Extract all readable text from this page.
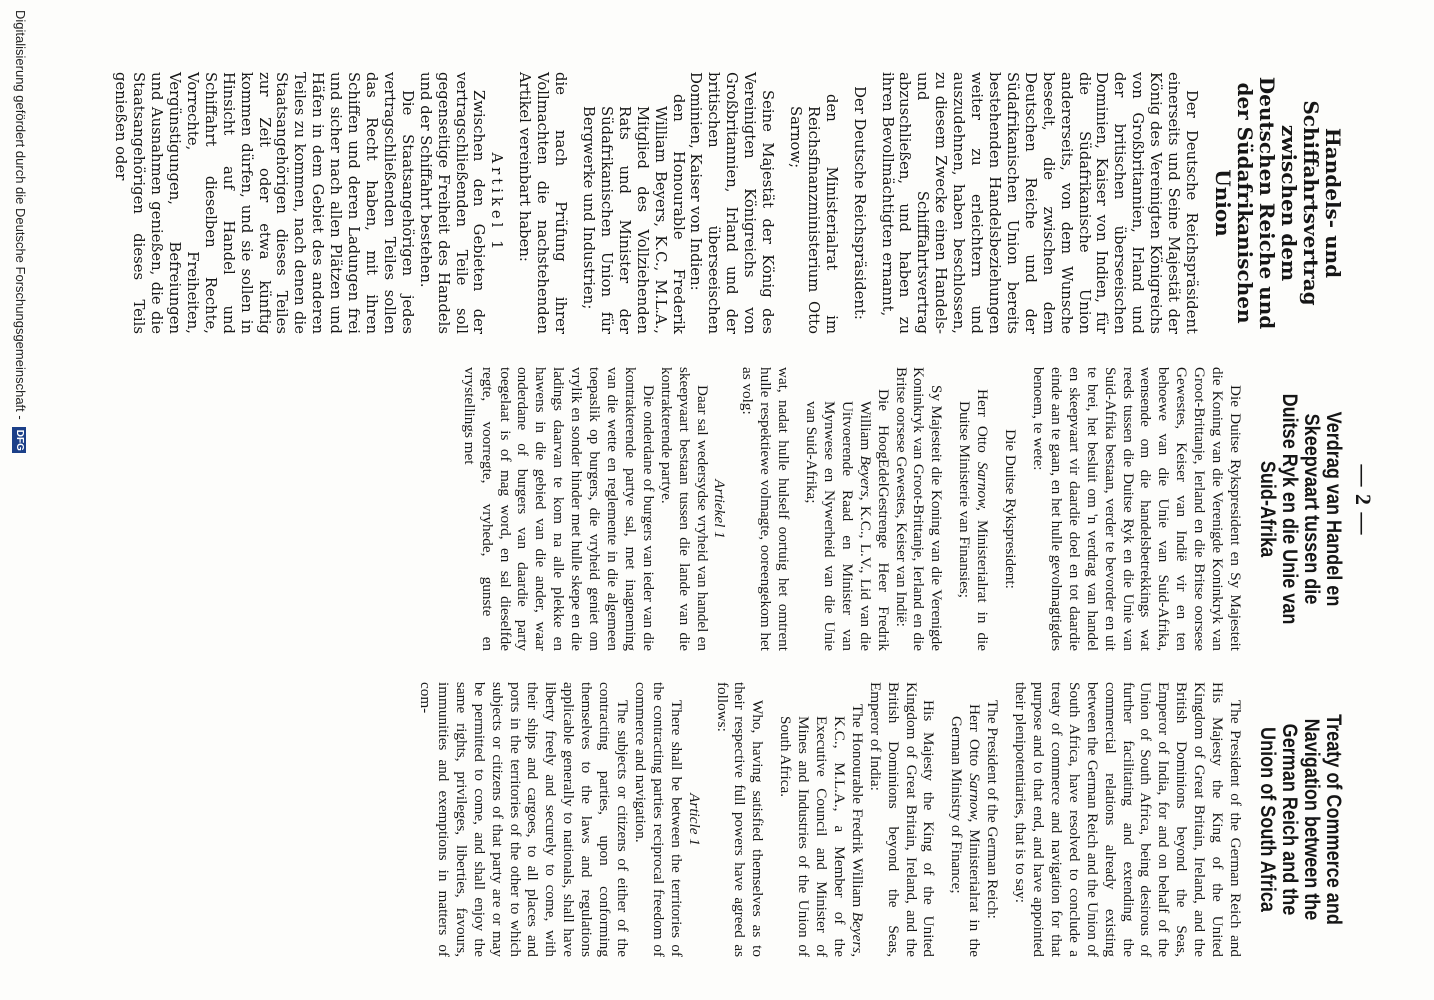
— 2 —
Handels- und Schiffahrtsvertrag zwischen dem Deutschen Reiche und der Südafrikanischen Union

Der Deutsche Reichspräsident einerseits und Seine Majestät der König des Vereinigten Königreichs von Großbritannien, Irland und der britischen überseeischen Dominien, Kaiser von Indien, für die Südafrikanische Union andererseits, von dem Wunsche beseelt, die zwischen dem Deutschen Reiche und der Südafrikanischen Union bereits bestehenden Handelsbeziehungen weiter zu erleichtern und auszudehnen, haben beschlossen, zu diesem Zwecke einen Handels- und Schifffahrtsvertrag abzuschließen, und haben zu ihren Bevollmächtigten ernannt,

Der Deutsche Reichspräsident:

den Ministerialrat im Reichsfinanzministerium Otto Sarnow;

Seine Majestät der König des Vereinigten Königreichs von Großbritannien, Irland und der britischen überseeischen Dominien, Kaiser von Indien:

den Honourable Frederik William Beyers, K.C., M.L.A., Mitglied des Vollziehenden Rats und Minister der Südafrikanischen Union für Bergwerke und Industrien;

die nach Prüfung ihrer Vollmachten die nachstehenden Artikel vereinbart haben:

Artikel 1

Zwischen den Gebieten der vertragschließenden Teile soll gegenseitige Freiheit des Handels und der Schiffahrt bestehen.

Die Staatsangehörigen jedes vertragschließenden Teiles sollen das Recht haben, mit ihren Schiffen und deren Ladungen frei und sicher nach allen Plätzen und Häfen in dem Gebiet des anderen Teiles zu kommen, nach denen die Staatsangehörigen dieses Teiles zur Zeit oder etwa künftig kommen dürfen, und sie sollen in Hinsicht auf Handel und Schiffahrt dieselben Rechte, Vorrechte, Freiheiten, Vergünstigungen, Befreiungen und Ausnahmen genießen, die die Staatsangehörigen dieses Teils genießen oder

Verdrag van Handel en Skeepvaart tussen die Duitse Ryk en die Unie van Suid-Afrika

Die Duitse Rykspresident en Sy Majesteit die Koning van die Verenigde Koninkryk van Groot-Brittanje, Ierland en die Britse oorsese Gewestes, Keiser van Indië vir en ten behoewe van die Unie van Suid-Afrika, wensende om die handelsbetrekkings wat reeds tussen die Duitse Ryk en die Unie van Suid-Afrika bestaan, verder te bevorder en uit te brei, het besluit om 'n verdrag van handel en skeepvaart vir daardie doel en tot daardie einde aan te gaan, en het hulle gevolmagtigdes benoem, te wete:

Die Duitse Rykspresident:

Herr Otto Sarnow, Ministerialrat in die Duitse Ministerie van Finansies;

Sy Majesteit die Koning van die Verenigde Koninkryk van Groot-Brittanje, Ierland en die Britse oorsese Gewestes, Keiser van Indië:

Die HoogEdelGestrenge Heer Fredrik William Beyers, K.C., L.V., Lid van die Uitvoerende Raad en Minister van Mynwese en Nywerheid van die Unie van Suid-Afrika;

wat, nadat hulle hulself oortuig het omtrent hulle respektiewe volmagte, ooreengekom het as volg:

Artiekel 1

Daar sal wedersydse vryheid van handel en skeepvaart bestaan tussen die lande van die kontrakterende partye.

Die onderdane of burgers van ieder van die kontrakterende partye sal, met inagneming van die wette en reglemente in die algemeen toepaslik op burgers, die vryheid geniet om vrylik en sonder hinder met hulle skepe en die ladings daarvan te kom na alle plekke en hawens in die gebied van die ander, waar onderdane of burgers van daardie party toegelaat is of mag word, en sal dieselfde regte, voorregte, vryhede, gunste en vrystellings met

Treaty of Commerce and Navigation between the German Reich and the Union of South Africa

The President of the German Reich and His Majesty the King of the United Kingdom of Great Britain, Ireland, and the British Dominions beyond the Seas, Emperor of India, for and on behalf of the Union of South Africa, being desirous of further facilitating and extending the commercial relations already existing between the German Reich and the Union of South Africa, have resolved to conclude a treaty of commerce and navigation for that purpose and to that end, and have appointed their plenipotentiaries, that is to say:

The President of the German Reich:

Herr Otto Sarnow, Ministerialrat in the German Ministry of Finance;

His Majesty the King of the United Kingdom of Great Britain, Ireland, and the British Dominions beyond the Seas, Emperor of India:

The Honourable Fredrik William Beyers, K.C., M.L.A., a Member of the Executive Council and Minister of Mines and Industries of the Union of South Africa.

Who, having satisfied themselves as to their respective full powers have agreed as follows:

Article 1

There shall be between the territories of the contracting parties reciprocal freedom of commerce and navigation.

The subjects or citizens of either of the contracting parties, upon conforming themselves to the laws and regulations applicable generally to nationals, shall have liberty freely and securely to come, with their ships and cargoes, to all places and ports in the territories of the other to which subjects or citizens of that party are or may be permitted to come, and shall enjoy the same rights, privileges, liberties, favours, immunities and exemptions in matters of com-

Digitalisierung gefördert durch die Deutsche Forschungsgemeinschaft - DFG
